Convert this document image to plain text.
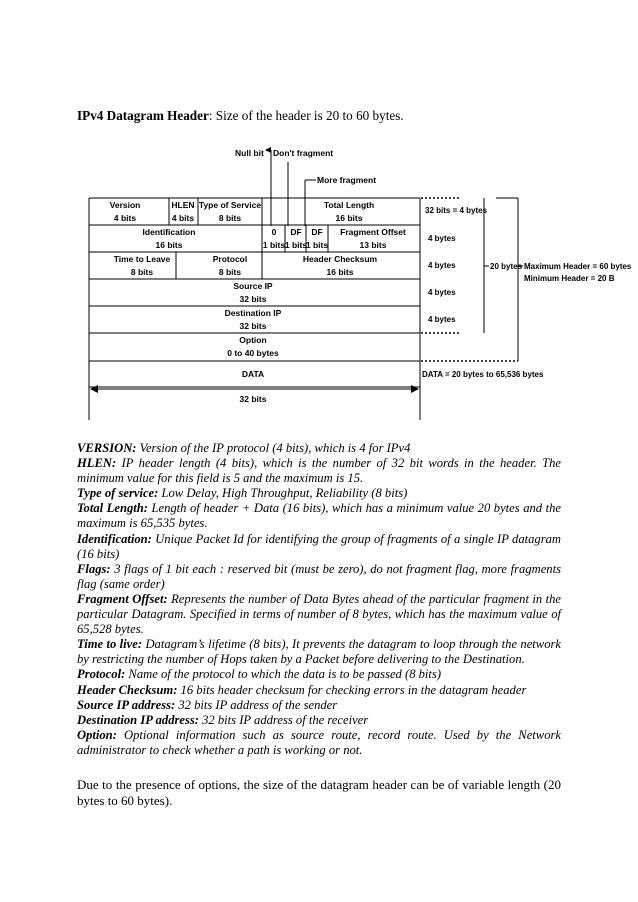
IPv4 Datagram Header: Size of the header is 20 to 60 bytes.
Null bit Don't fragment
More fragment
Version
4 bits
HLEN
4 bits
Type of Service
8 bits
Total Length
16 bits
Identification
16 bits
0
1 bits
DF
1 bits
DF
1 bits
Fragment Offset
13 bits
Time to Leave
8 bits
Protocol
8 bits
Header Checksum
16 bits
Source IP
32 bits
Destination IP
32 bits
Option
0 to 40 bytes
DATA
32 bits
32 bits = 4 bytes
4 bytes
4 bytes
4 bytes
4 bytes
20 bytes Maximum Header = 60 bytes
Minimum Header = 20 B
DATA = 20 bytes to 65,536 bytes

VERSION: Version of the IP protocol (4 bits), which is 4 for IPv4

HLEN: IP header length (4 bits), which is the number of 32 bit words in the header. The minimum value for this field is 5 and the maximum is 15.

Type of service: Low Delay, High Throughput, Reliability (8 bits)

Total Length: Length of header + Data (16 bits), which has a minimum value 20 bytes and the maximum is 65,535 bytes.

Identification: Unique Packet Id for identifying the group of fragments of a single IP datagram (16 bits)

Flags: 3 flags of 1 bit each : reserved bit (must be zero), do not fragment flag, more fragments flag (same order)

Fragment Offset: Represents the number of Data Bytes ahead of the particular fragment in the particular Datagram. Specified in terms of number of 8 bytes, which has the maximum value of 65,528 bytes.

Time to live: Datagram’s lifetime (8 bits), It prevents the datagram to loop through the network by restricting the number of Hops taken by a Packet before delivering to the Destination.

Protocol: Name of the protocol to which the data is to be passed (8 bits)

Header Checksum: 16 bits header checksum for checking errors in the datagram header

Source IP address: 32 bits IP address of the sender

Destination IP address: 32 bits IP address of the receiver

Option: Optional information such as source route, record route. Used by the Network administrator to check whether a path is working or not.

Due to the presence of options, the size of the datagram header can be of variable length (20 bytes to 60 bytes).
